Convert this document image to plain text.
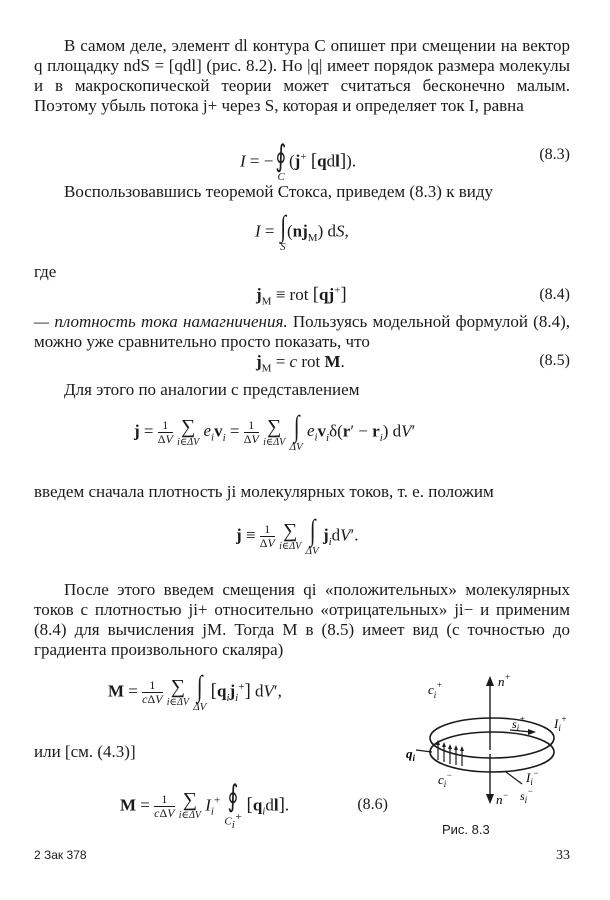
В самом деле, элемент dl контура C опишет при смещении на вектор q площадку ndS = [qdl] (рис. 8.2). Но |q| имеет порядок размера молекулы и в макроскопической теории может считаться бесконечно малым. Поэтому убыль потока j+ через S, которая и определяет ток I, равна
I = − ∮
C
(j+ [qdl]).	(8.3)
Воспользовавшись теоремой Стокса, приведем (8.3) к виду
I = ∫
S
$(nj_M)$ dS,
где
$j_M$ ≡ rot [qj+]	(8.4)
— плотность тока намагничения. Пользуясь модельной формулой (8.4), можно уже сравнительно просто показать, что
$j_M = c$ rot M.	(8.5)
Для этого по аналогии с представлением
$j = \frac{1}{\Delta V}$
∑
i∈ΔV
$e_iv_i = \frac{1}{\Delta V}$
∑
i∈ΔV
∫
ΔV
$e_iv_i\delta(r' - r_i)$ dV′
введем сначала плотность ji молекулярных токов, т. е. положим
$j \equiv \frac{1}{\Delta V}$
∑
i∈ΔV
∫
ΔV
$j_idV'$.
После этого введем смещения qi «положительных» молекулярных токов с плотностью ji+ относительно «отрицательных» ji− и применим (8.4) для вычисления jM. Тогда M в (8.5) имеет вид (с точностью до градиента произвольного скаляра)
$M = \frac{1}{\text{cΔV}}$
∑
i∈ΔV
∫
ΔV
$[q_ij_i^+]$ dV′,
или [см. (4.3)]
$M = \frac{1}{\text{cΔV}}$
∑
i∈ΔV
$I_i^+$ ∮
$C_i^+$
$[q_idl]$.	(8.6)
$c_i^+$	n+
$s_i^+$ $I_i^+$
$q_i$
$c_i^-$	$I_i^-$
$s_i^-$
n−
Рис. 8.3
2 Зак 378	33
